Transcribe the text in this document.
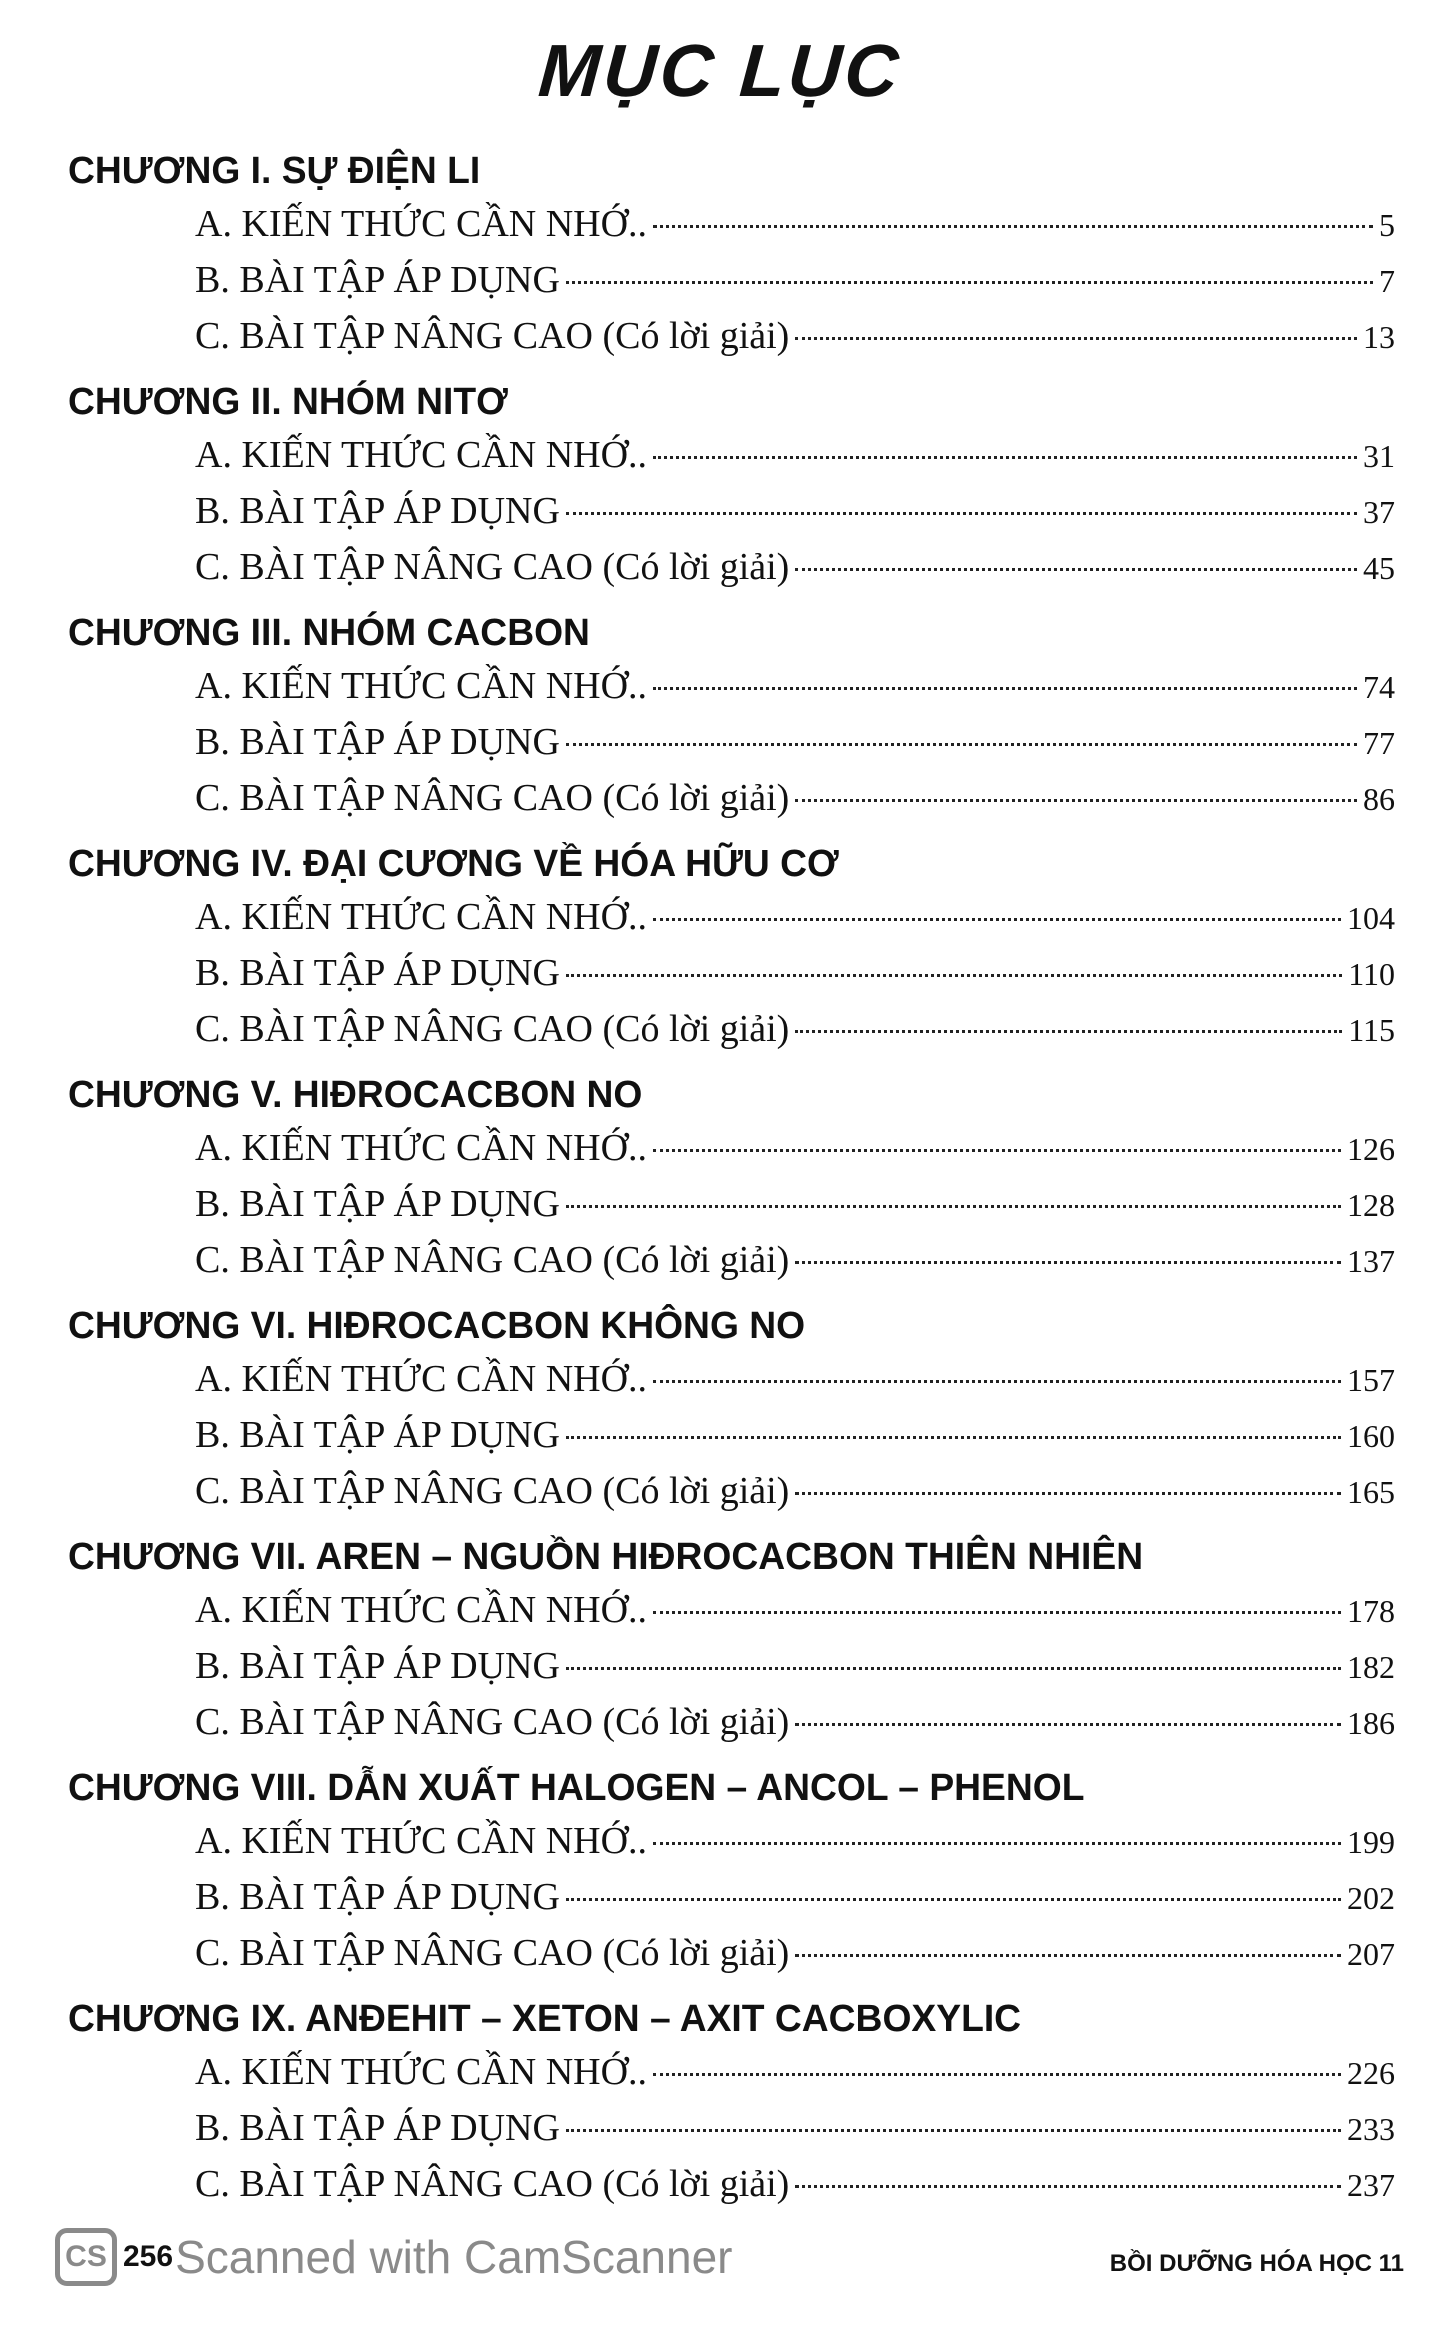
MỤC LỤC
CHƯƠNG I. SỰ ĐIỆN LI
A. KIẾN THỨC CẦN NHỚ..	5
B. BÀI TẬP ÁP DỤNG	7
C. BÀI TẬP NÂNG CAO (Có lời giải)	13
CHƯƠNG II. NHÓM NITƠ
A. KIẾN THỨC CẦN NHỚ..	31
B. BÀI TẬP ÁP DỤNG	37
C. BÀI TẬP NÂNG CAO (Có lời giải)	45
CHƯƠNG III. NHÓM CACBON
A. KIẾN THỨC CẦN NHỚ..	74
B. BÀI TẬP ÁP DỤNG	77
C. BÀI TẬP NÂNG CAO (Có lời giải)	86
CHƯƠNG IV. ĐẠI CƯƠNG VỀ HÓA HỮU CƠ
A. KIẾN THỨC CẦN NHỚ..	104
B. BÀI TẬP ÁP DỤNG	110
C. BÀI TẬP NÂNG CAO (Có lời giải)	115
CHƯƠNG V. HIĐROCACBON NO
A. KIẾN THỨC CẦN NHỚ..	126
B. BÀI TẬP ÁP DỤNG	128
C. BÀI TẬP NÂNG CAO (Có lời giải)	137
CHƯƠNG VI. HIĐROCACBON KHÔNG NO
A. KIẾN THỨC CẦN NHỚ..	157
B. BÀI TẬP ÁP DỤNG	160
C. BÀI TẬP NÂNG CAO (Có lời giải)	165
CHƯƠNG VII. AREN – NGUỒN HIĐROCACBON THIÊN NHIÊN
A. KIẾN THỨC CẦN NHỚ..	178
B. BÀI TẬP ÁP DỤNG	182
C. BÀI TẬP NÂNG CAO (Có lời giải)	186
CHƯƠNG VIII. DẪN XUẤT HALOGEN – ANCOL – PHENOL
A. KIẾN THỨC CẦN NHỚ..	199
B. BÀI TẬP ÁP DỤNG	202
C. BÀI TẬP NÂNG CAO (Có lời giải)	207
CHƯƠNG IX. ANĐEHIT – XETON – AXIT CACBOXYLIC
A. KIẾN THỨC CẦN NHỚ..	226
B. BÀI TẬP ÁP DỤNG	233
C. BÀI TẬP NÂNG CAO (Có lời giải)	237
CS 256 Scanned with CamScanner	BỒI DƯỠNG HÓA HỌC 11
